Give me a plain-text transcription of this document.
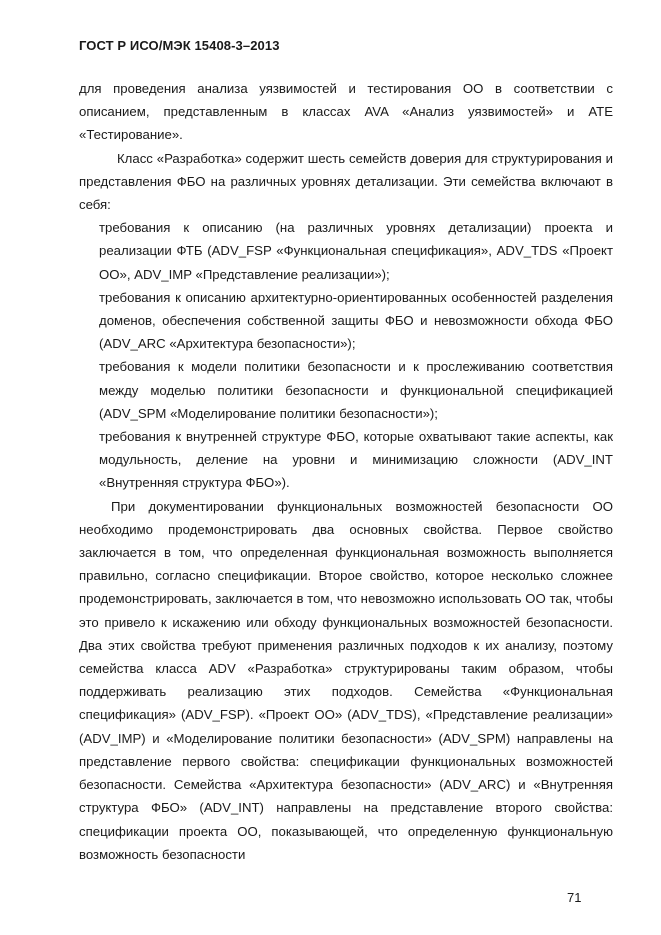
ГОСТ Р ИСО/МЭК 15408-3–2013

для проведения анализа уязвимостей и тестирования ОО в соответствии с описанием, представленным в классах AVA «Анализ уязвимостей» и ATE «Тестирование».

Класс «Разработка» содержит шесть семейств доверия для структурирования и представления ФБО на различных уровнях детализации. Эти семейства включают в себя:

требования к описанию (на различных уровнях детализации) проекта и реализации ФТБ (ADV_FSP «Функциональная спецификация», ADV_TDS «Проект ОО», ADV_IMP «Представление реализации»);

требования к описанию архитектурно-ориентированных особенностей разделения доменов, обеспечения собственной защиты ФБО и невозможности обхода ФБО (ADV_ARC «Архитектура безопасности»);

требования к модели политики безопасности и к прослеживанию соответствия между моделью политики безопасности и функциональной спецификацией (ADV_SPM «Моделирование политики безопасности»);

требования к внутренней структуре ФБО, которые охватывают такие аспекты, как модульность, деление на уровни и минимизацию сложности (ADV_INT «Внутренняя структура ФБО»).

При документировании функциональных возможностей безопасности ОО необходимо продемонстрировать два основных свойства. Первое свойство заключается в том, что определенная функциональная возможность выполняется правильно, согласно спецификации. Второе свойство, которое несколько сложнее продемонстрировать, заключается в том, что невозможно использовать ОО так, чтобы это привело к искажению или обходу функциональных возможностей безопасности. Два этих свойства требуют применения различных подходов к их анализу, поэтому семейства класса ADV «Разработка» структурированы таким образом, чтобы поддерживать реализацию этих подходов. Семейства «Функциональная спецификация» (ADV_FSP). «Проект ОО» (ADV_TDS), «Представление реализации» (ADV_IMP) и «Моделирование политики безопасности» (ADV_SPM) направлены на представление первого свойства: спецификации функциональных возможностей безопасности. Семейства «Архитектура безопасности» (ADV_ARC) и «Внутренняя структура ФБО» (ADV_INT) направлены на представление второго свойства: спецификации проекта ОО, показывающей, что определенную функциональную возможность безопасности

71
